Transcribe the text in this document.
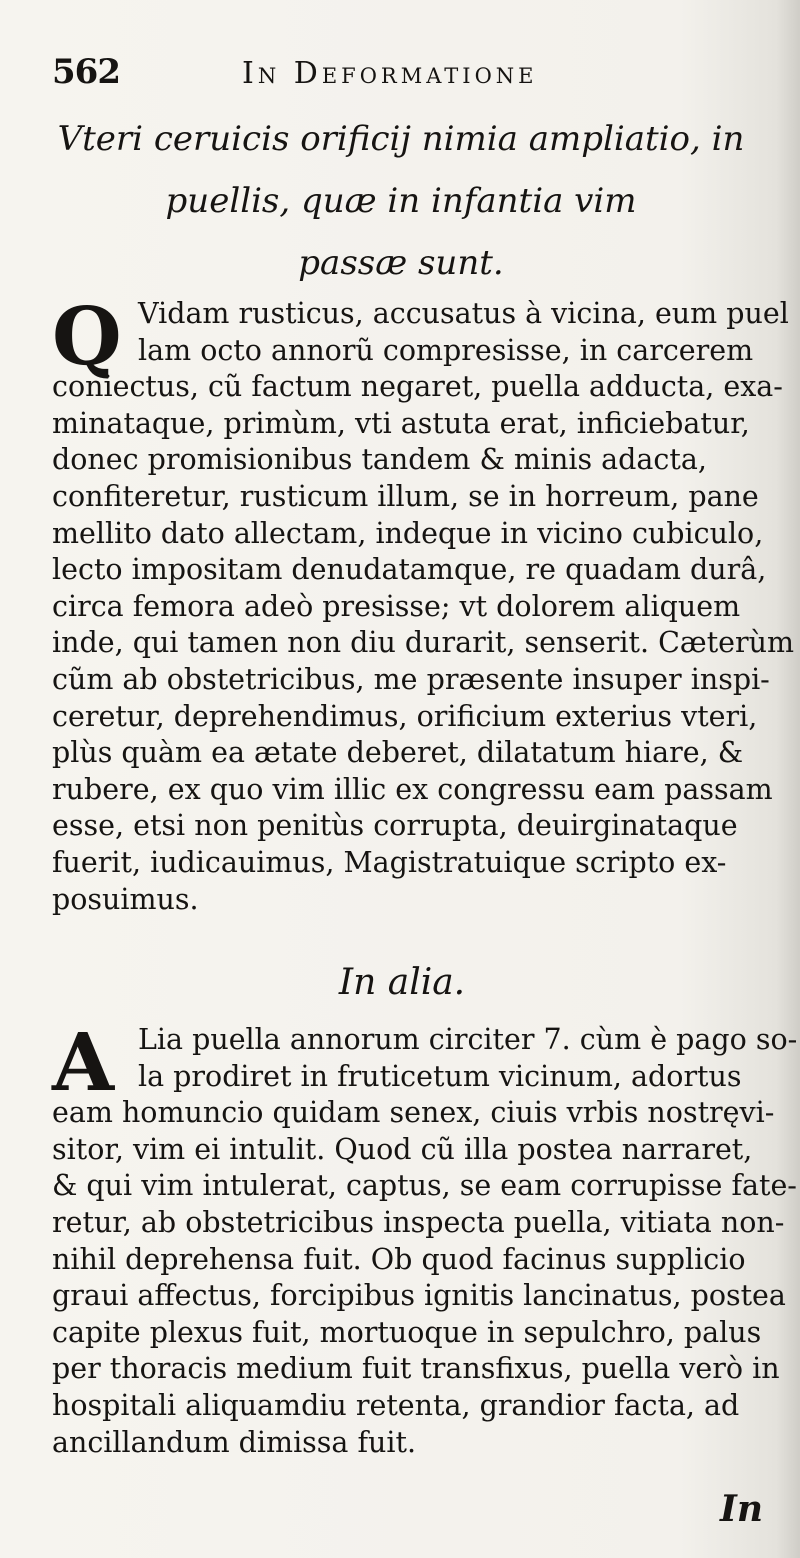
562	In Deformatione
Vteri ceruicis orificij nimia ampliatio, in
puellis, quæ in infantia vim
passæ sunt.
Q Vidam rusticus, accusatus à vicina, eum puel
lam octo annorũ compresisse, in carcerem
coniectus, cũ factum negaret, puella adducta, exa-
minataque, primùm, vti astuta erat, inficiebatur,
donec promisionibus tandem & minis adacta,
confiteretur, rusticum illum, se in horreum, pane
mellito dato allectam, indeque in vicino cubiculo,
lecto impositam denudatamque, re quadam durâ,
circa femora adeò presisse; vt dolorem aliquem
inde, qui tamen non diu durarit, senserit. Cæterùm
cũm ab obstetricibus, me præsente insuper inspi-
ceretur, deprehendimus, orificium exterius vteri,
plùs quàm ea ætate deberet, dilatatum hiare, &
rubere, ex quo vim illic ex congressu eam passam
esse, etsi non penitùs corrupta, deuirginataque
fuerit, iudicauimus, Magistratuique scripto ex-
posuimus.
In alia.
A Lia puella annorum circiter 7. cùm è pago so-
la prodiret in fruticetum vicinum, adortus
eam homuncio quidam senex, ciuis vrbis nostręvi-
sitor, vim ei intulit. Quod cũ illa postea narraret,
& qui vim intulerat, captus, se eam corrupisse fate-
retur, ab obstetricibus inspecta puella, vitiata non-
nihil deprehensa fuit. Ob quod facinus supplicio
graui affectus, forcipibus ignitis lancinatus, postea
capite plexus fuit, mortuoque in sepulchro, palus
per thoracis medium fuit transfixus, puella verò in
hospitali aliquamdiu retenta, grandior facta, ad
ancillandum dimissa fuit.
In
